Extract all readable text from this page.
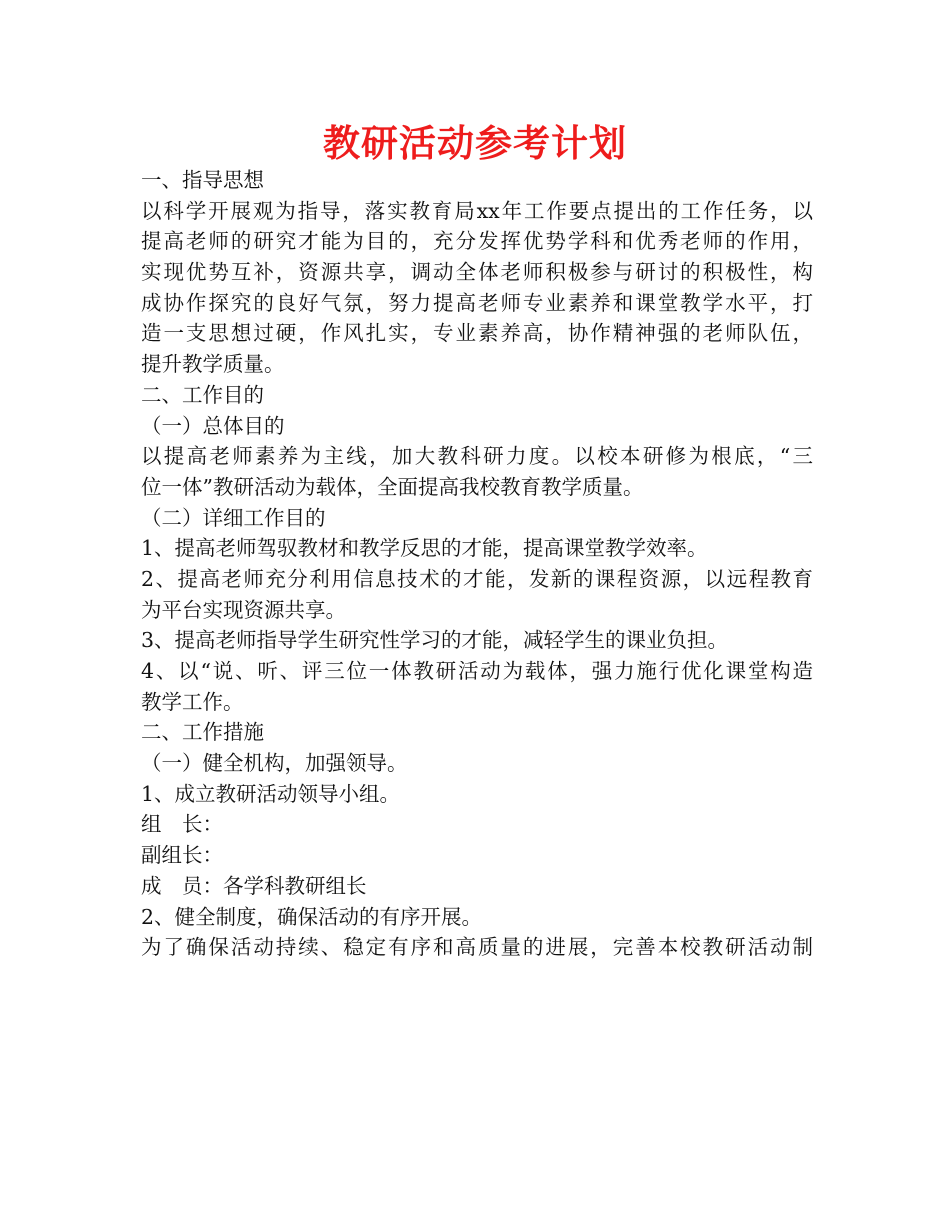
教研活动参考计划
一、指导思想
以科学开展观为指导，落实教育局xx年工作要点提出的工作任务，以
提高老师的研究才能为目的，充分发挥优势学科和优秀老师的作用，
实现优势互补，资源共享，调动全体老师积极参与研讨的积极性，构
成协作探究的良好气氛，努力提高老师专业素养和课堂教学水平，打
造一支思想过硬，作风扎实，专业素养高，协作精神强的老师队伍，
提升教学质量。
二、工作目的
（一）总体目的
以提高老师素养为主线，加大教科研力度。以校本研修为根底，“三
位一体”教研活动为载体，全面提高我校教育教学质量。
（二）详细工作目的
1、提高老师驾驭教材和教学反思的才能，提高课堂教学效率。
2、提高老师充分利用信息技术的才能，发新的课程资源，以远程教育
为平台实现资源共享。
3、提高老师指导学生研究性学习的才能，减轻学生的课业负担。
4、以“说、听、评三位一体教研活动为载体，强力施行优化课堂构造
教学工作。
二、工作措施
（一）健全机构，加强领导。
1、成立教研活动领导小组。
组　长：
副组长：
成　员：各学科教研组长
2、健全制度，确保活动的有序开展。
为了确保活动持续、稳定有序和高质量的进展，完善本校教研活动制
